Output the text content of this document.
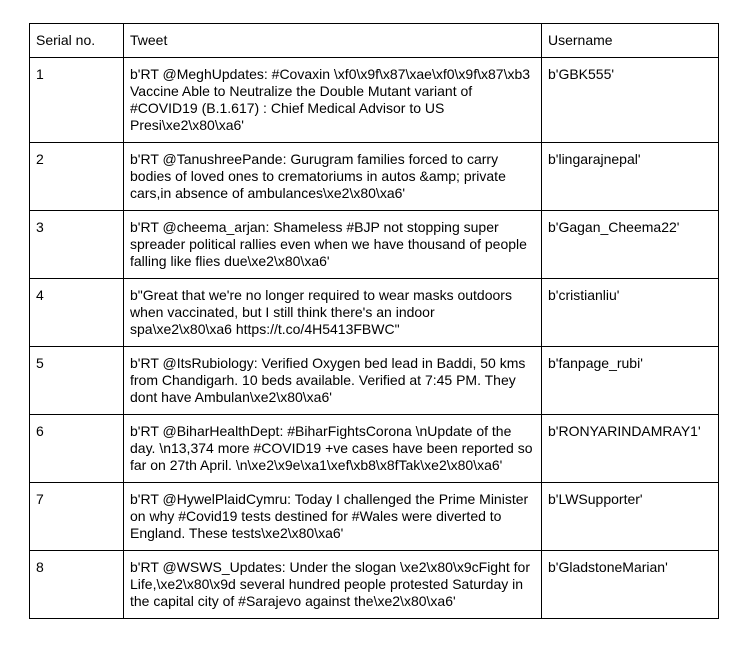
Serial no.	Tweet	Username
1	b'RT @MeghUpdates: #Covaxin \xf0\x9f\x87\xae\xf0\x9f\x87\xb3 Vaccine Able to Neutralize the Double Mutant variant of #COVID19 (B.1.617) : Chief Medical Advisor to US Presi\xe2\x80\xa6'	b'GBK555'
2	b'RT @TanushreePande: Gurugram families forced to carry bodies of loved ones to crematoriums in autos &amp; private cars,in absence of ambulances\xe2\x80\xa6'	b'lingarajnepal'
3	b'RT @cheema_arjan: Shameless #BJP not stopping super spreader political rallies even when we have thousand of people falling like flies due\xe2\x80\xa6'	b'Gagan_Cheema22'
4	b"Great that we're no longer required to wear masks outdoors when vaccinated, but I still think there's an indoor spa\xe2\x80\xa6 https://t.co/4H5413FBWC"	b'cristianliu'
5	b'RT @ItsRubiology: Verified Oxygen bed lead in Baddi, 50 kms from Chandigarh. 10 beds available. Verified at 7:45 PM. They dont have Ambulan\xe2\x80\xa6'	b'fanpage_rubi'
6	b'RT @BiharHealthDept: #BiharFightsCorona \nUpdate of the day. \n13,374 more #COVID19 +ve cases have been reported so far on 27th April. \n\xe2\x9e\xa1\xef\xb8\x8fTak\xe2\x80\xa6'	b'RONYARINDAMRAY1'
7	b'RT @HywelPlaidCymru: Today I challenged the Prime Minister on why #Covid19 tests destined for #Wales were diverted to England. These tests\xe2\x80\xa6'	b'LWSupporter'
8	b'RT @WSWS_Updates: Under the slogan \xe2\x80\x9cFight for Life,\xe2\x80\x9d several hundred people protested Saturday in the capital city of #Sarajevo against the\xe2\x80\xa6'	b'GladstoneMarian'
